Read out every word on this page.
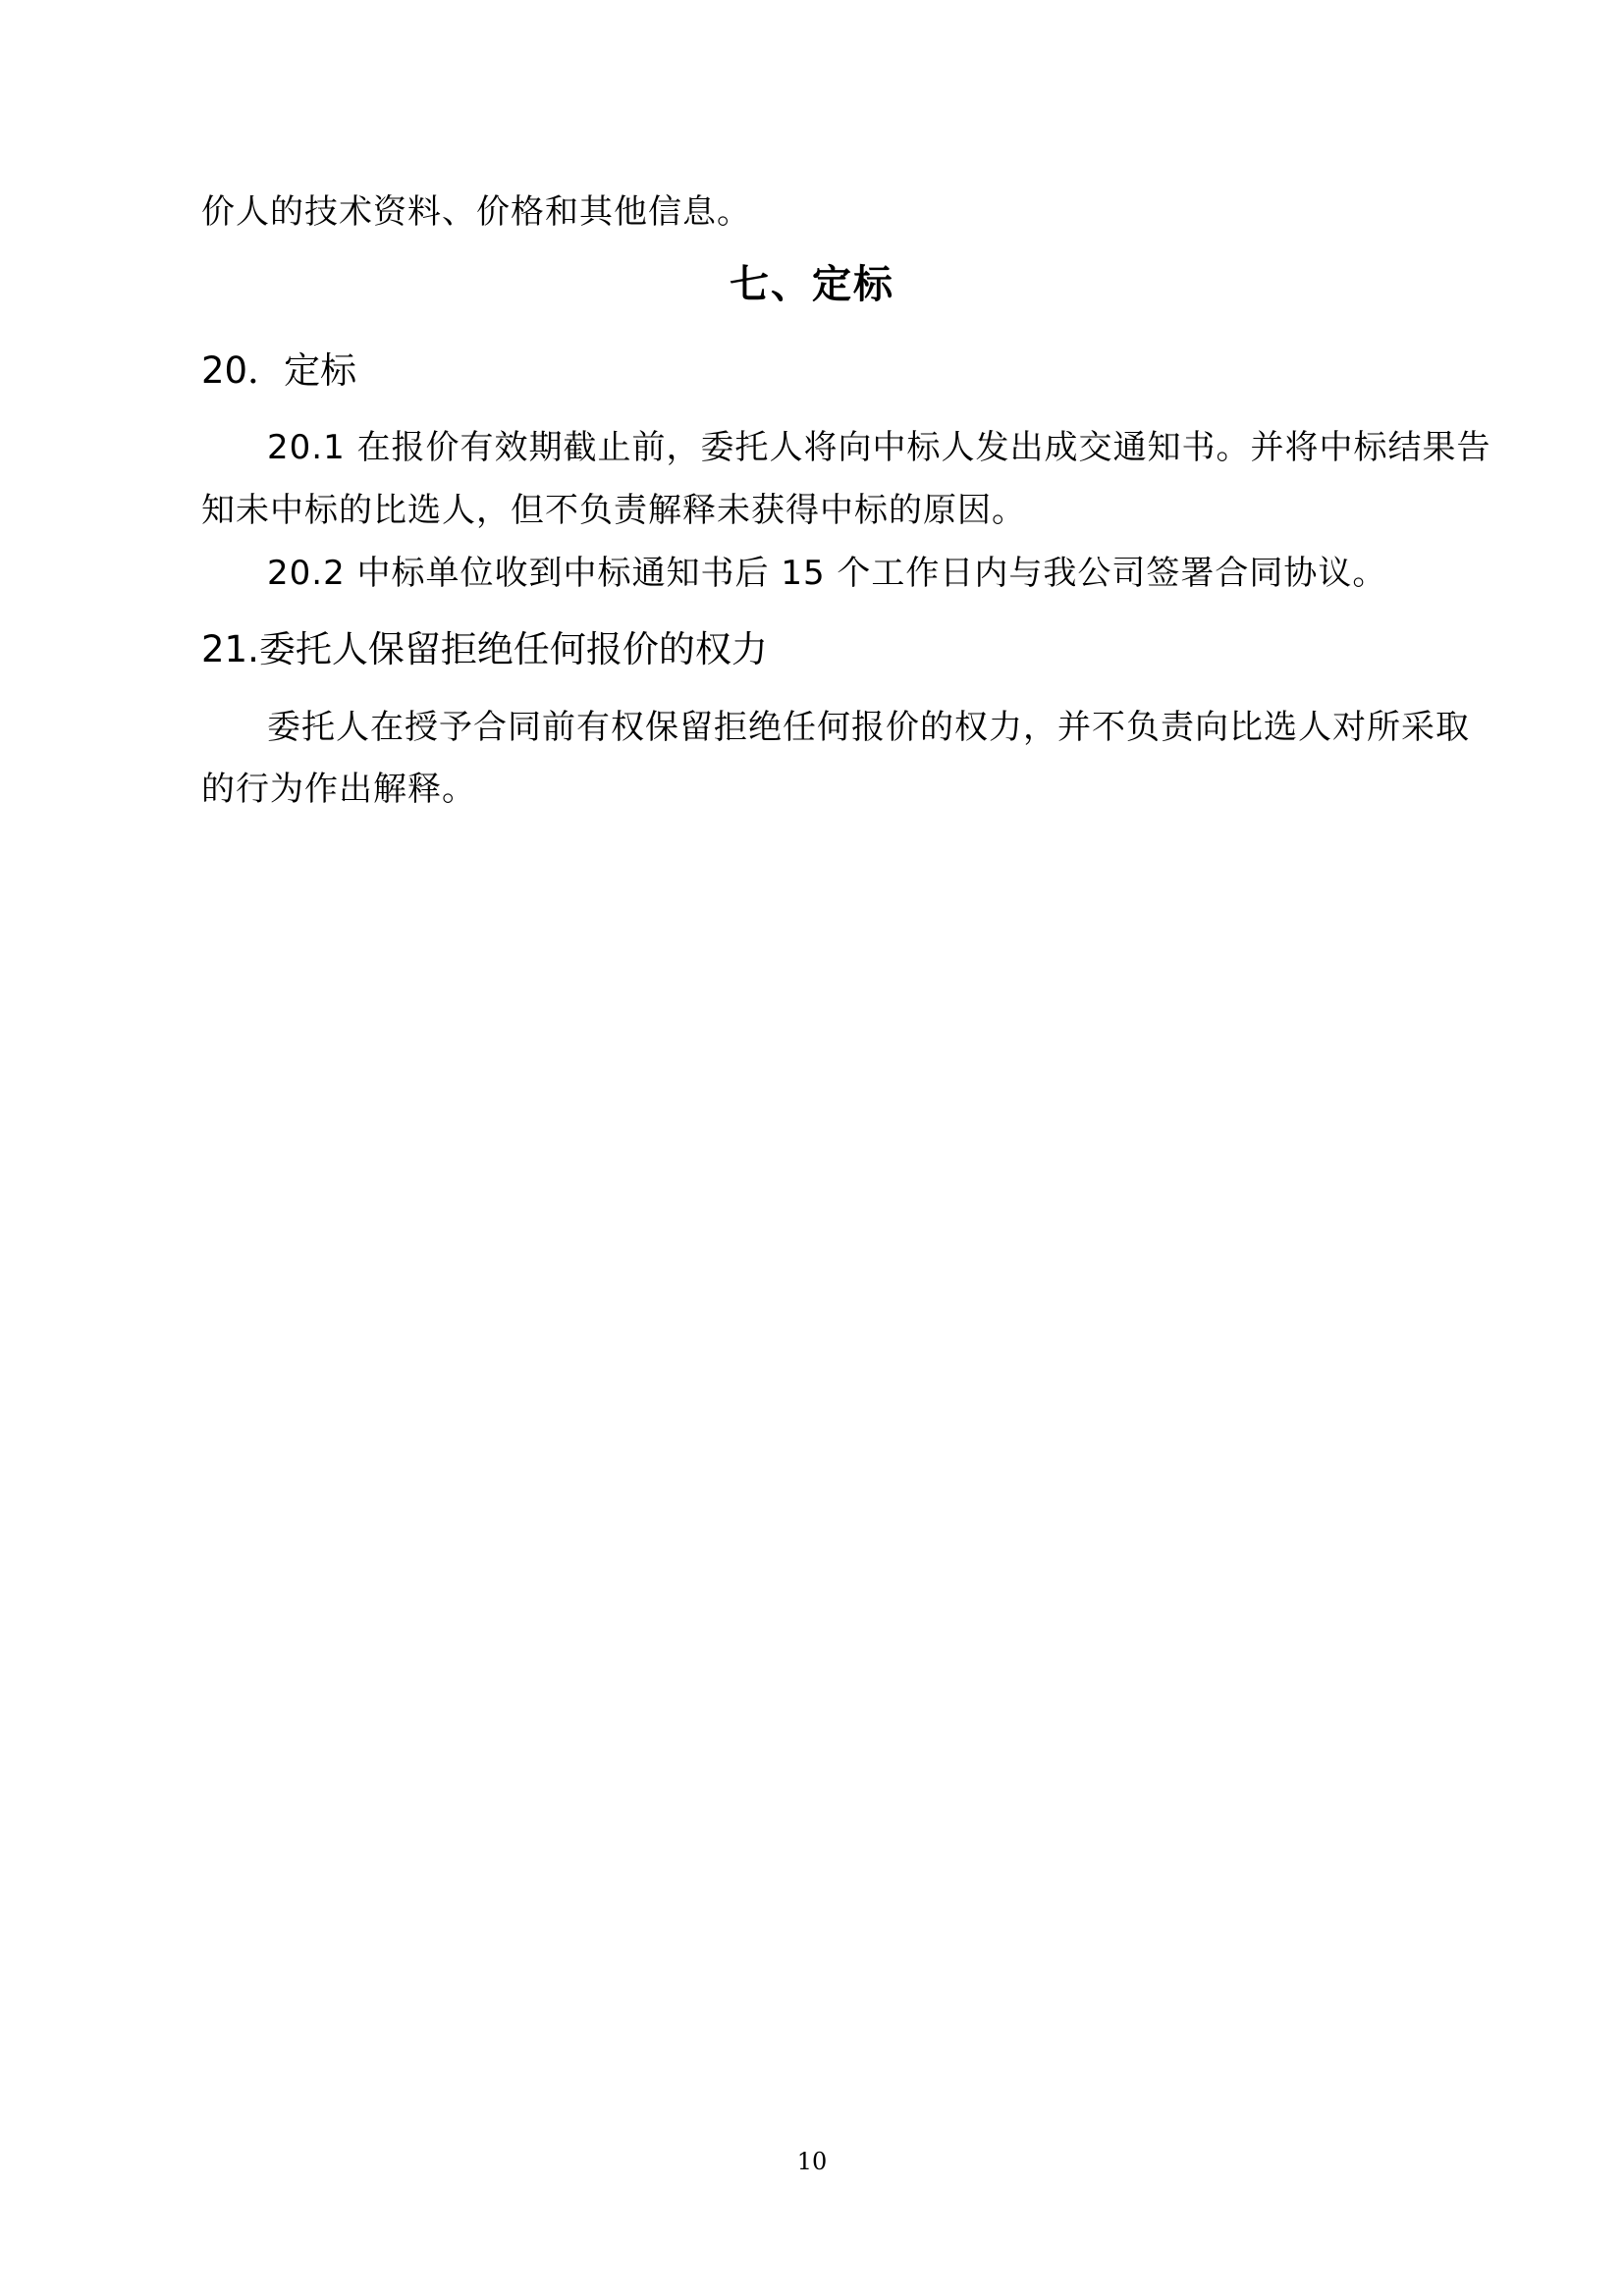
价人的技术资料、价格和其他信息。
七、定标
20．定标
20.1 在报价有效期截止前，委托人将向中标人发出成交通知书。并将中标结果告
知未中标的比选人，但不负责解释未获得中标的原因。
20.2 中标单位收到中标通知书后 15 个工作日内与我公司签署合同协议。
21.委托人保留拒绝任何报价的权力
委托人在授予合同前有权保留拒绝任何报价的权力，并不负责向比选人对所采取
的行为作出解释。
10
